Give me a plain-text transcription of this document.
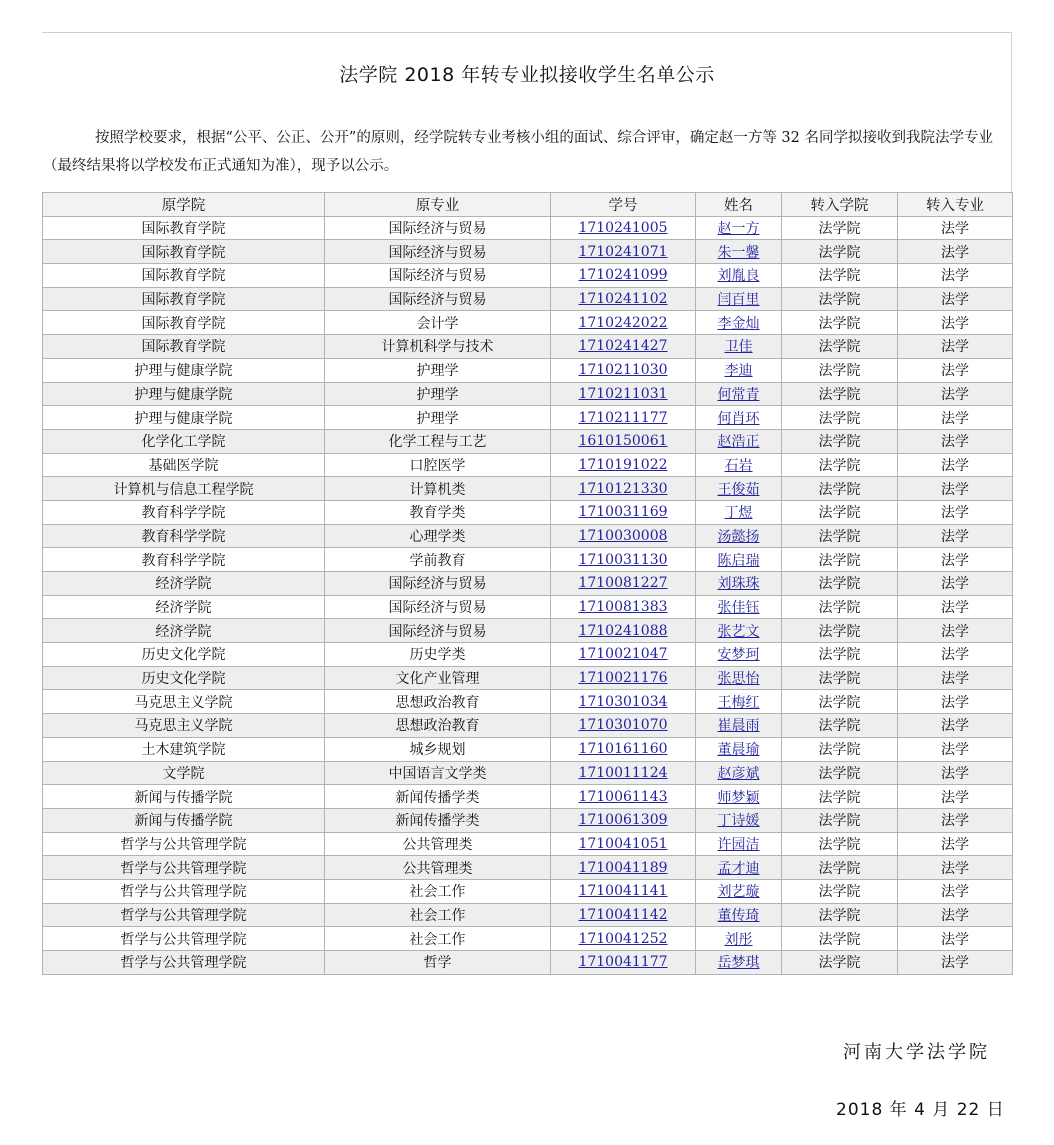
法学院 2018 年转专业拟接收学生名单公示

按照学校要求，根据“公平、公正、公开”的原则，经学院转专业考核小组的面试、综合评审，确定赵一方等 32 名同学拟接收到我院法学专业（最终结果将以学校发布正式通知为准），现予以公示。

原学院	原专业	学号	姓名	转入学院	转入专业
国际教育学院	国际经济与贸易	1710241005	赵一方	法学院	法学
国际教育学院	国际经济与贸易	1710241071	朱一馨	法学院	法学
国际教育学院	国际经济与贸易	1710241099	刘胤良	法学院	法学
国际教育学院	国际经济与贸易	1710241102	闫百里	法学院	法学
国际教育学院	会计学	1710242022	李金灿	法学院	法学
国际教育学院	计算机科学与技术	1710241427	卫佳	法学院	法学
护理与健康学院	护理学	1710211030	李迪	法学院	法学
护理与健康学院	护理学	1710211031	何常青	法学院	法学
护理与健康学院	护理学	1710211177	何肖环	法学院	法学
化学化工学院	化学工程与工艺	1610150061	赵浩正	法学院	法学
基础医学院	口腔医学	1710191022	石岩	法学院	法学
计算机与信息工程学院	计算机类	1710121330	王俊茹	法学院	法学
教育科学学院	教育学类	1710031169	丁煜	法学院	法学
教育科学学院	心理学类	1710030008	汤懿扬	法学院	法学
教育科学学院	学前教育	1710031130	陈启瑞	法学院	法学
经济学院	国际经济与贸易	1710081227	刘珠珠	法学院	法学
经济学院	国际经济与贸易	1710081383	张佳钰	法学院	法学
经济学院	国际经济与贸易	1710241088	张艺文	法学院	法学
历史文化学院	历史学类	1710021047	安梦珂	法学院	法学
历史文化学院	文化产业管理	1710021176	张思怡	法学院	法学
马克思主义学院	思想政治教育	1710301034	王梅红	法学院	法学
马克思主义学院	思想政治教育	1710301070	崔晨雨	法学院	法学
土木建筑学院	城乡规划	1710161160	董晨瑜	法学院	法学
文学院	中国语言文学类	1710011124	赵彦斌	法学院	法学
新闻与传播学院	新闻传播学类	1710061143	师梦颖	法学院	法学
新闻与传播学院	新闻传播学类	1710061309	丁诗媛	法学院	法学
哲学与公共管理学院	公共管理类	1710041051	许园洁	法学院	法学
哲学与公共管理学院	公共管理类	1710041189	孟才迪	法学院	法学
哲学与公共管理学院	社会工作	1710041141	刘艺璇	法学院	法学
哲学与公共管理学院	社会工作	1710041142	董传琦	法学院	法学
哲学与公共管理学院	社会工作	1710041252	刘彤	法学院	法学
哲学与公共管理学院	哲学	1710041177	岳梦琪	法学院	法学
河南大学法学院
2018 年 4 月 22 日
